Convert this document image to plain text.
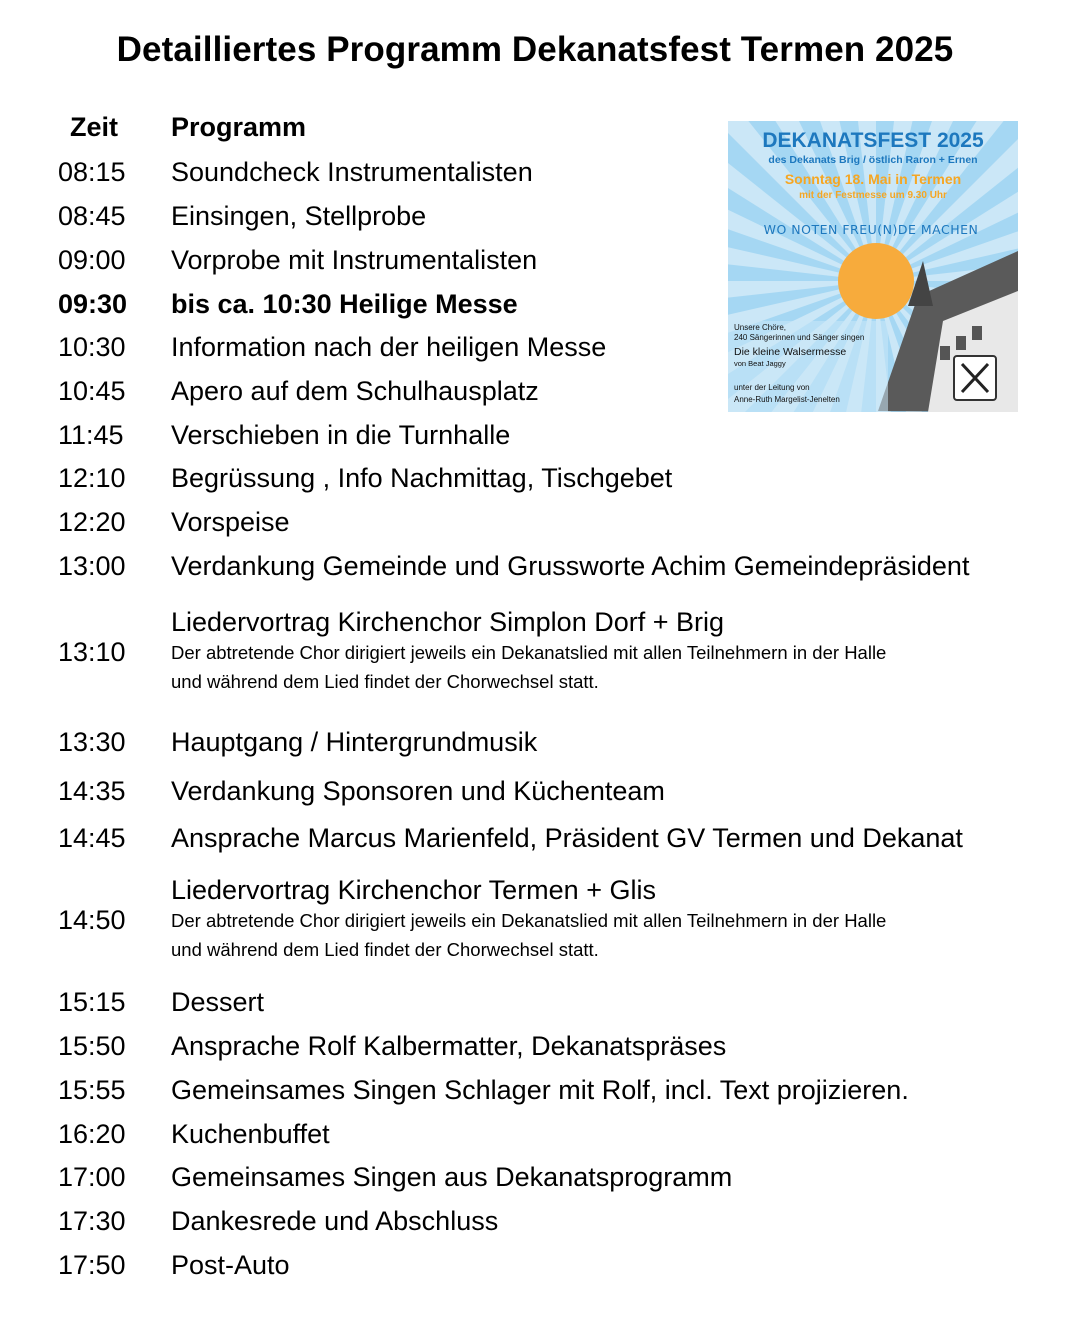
Detailliertes Programm Dekanatsfest Termen 2025
Zeit Programm
08:15 Soundcheck Instrumentalisten
08:45 Einsingen, Stellprobe
09:00 Vorprobe mit Instrumentalisten
09:30 bis ca. 10:30 Heilige Messe
10:30 Information nach der heiligen Messe
10:45 Apero auf dem Schulhausplatz
11:45 Verschieben in die Turnhalle
12:10 Begrüssung , Info Nachmittag, Tischgebet
12:20 Vorspeise
13:00 Verdankung Gemeinde und Grussworte Achim Gemeindepräsident
13:10
Liedervortrag Kirchenchor Simplon Dorf + Brig
Der abtretende Chor dirigiert jeweils ein Dekanatslied mit allen Teilnehmern in der Halle
und während dem Lied findet der Chorwechsel statt.
13:30 Hauptgang / Hintergrundmusik
14:35 Verdankung Sponsoren und Küchenteam
14:45 Ansprache Marcus Marienfeld, Präsident GV Termen und Dekanat
14:50
Liedervortrag Kirchenchor Termen + Glis
Der abtretende Chor dirigiert jeweils ein Dekanatslied mit allen Teilnehmern in der Halle
und während dem Lied findet der Chorwechsel statt.
15:15 Dessert
15:50 Ansprache Rolf Kalbermatter, Dekanatspräses
15:55 Gemeinsames Singen Schlager mit Rolf, incl. Text projizieren.
16:20 Kuchenbuffet
17:00 Gemeinsames Singen aus Dekanatsprogramm
17:30 Dankesrede und Abschluss
17:50 Post-Auto
DEKANATSFEST 2025
des Dekanats Brig / östlich Raron + Ernen
Sonntag 18. Mai in Termen
mit der Festmesse um 9.30 Uhr
WO NOTEN FREU(N)DE MACHEN
Unsere Chöre,
240 Sängerinnen und Sänger singen
Die kleine Walsermesse
von Beat Jaggy
unter der Leitung von
Anne-Ruth Margelist-Jenelten
